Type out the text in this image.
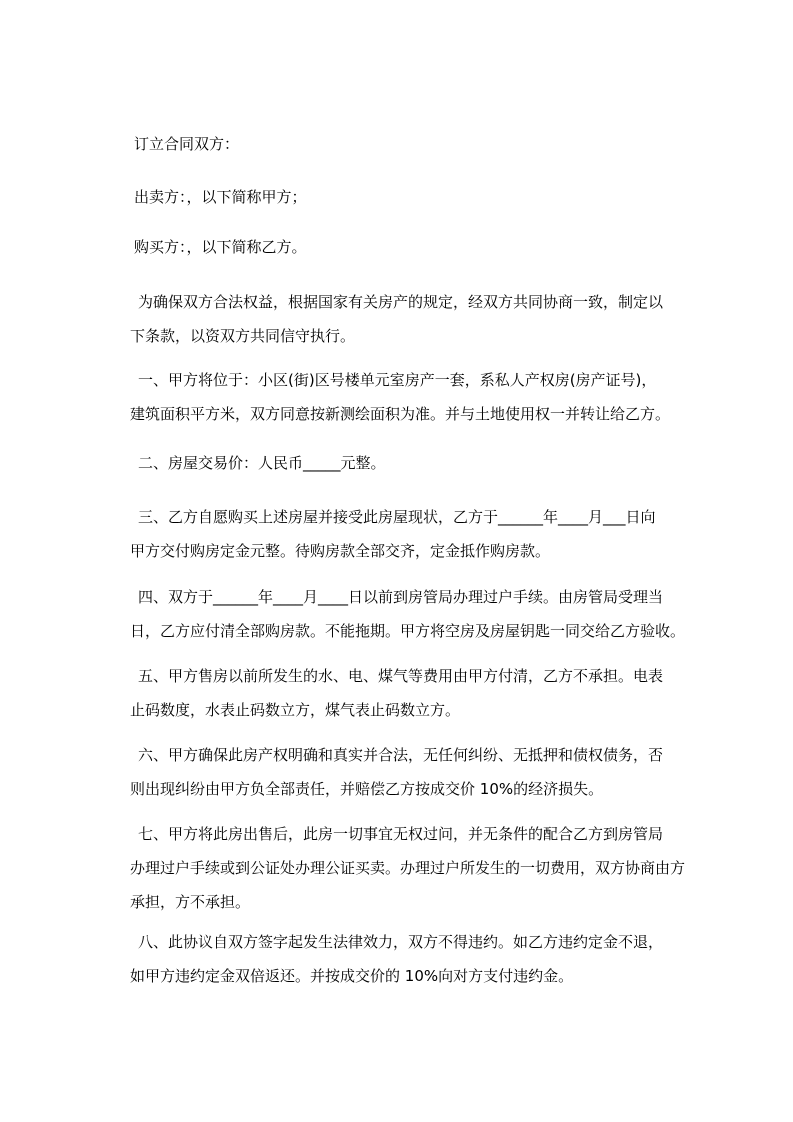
订立合同双方：

出卖方：，以下简称甲方；

购买方：，以下简称乙方。

为确保双方合法权益，根据国家有关房产的规定，经双方共同协商一致，制定以
下条款，以资双方共同信守执行。

一、甲方将位于：小区(街)区号楼单元室房产一套，系私人产权房(房产证号)，
建筑面积平方米，双方同意按新测绘面积为准。并与土地使用权一并转让给乙方。

二、房屋交易价：人民币_____元整。

三、乙方自愿购买上述房屋并接受此房屋现状，乙方于______年____月___日向
甲方交付购房定金元整。待购房款全部交齐，定金抵作购房款。

四、双方于______年____月____日以前到房管局办理过户手续。由房管局受理当
日，乙方应付清全部购房款。不能拖期。甲方将空房及房屋钥匙一同交给乙方验收。

五、甲方售房以前所发生的水、电、煤气等费用由甲方付清，乙方不承担。电表
止码数度，水表止码数立方，煤气表止码数立方。

六、甲方确保此房产权明确和真实并合法，无任何纠纷、无抵押和债权债务，否
则出现纠纷由甲方负全部责任，并赔偿乙方按成交价 10%的经济损失。

七、甲方将此房出售后，此房一切事宜无权过问，并无条件的配合乙方到房管局
办理过户手续或到公证处办理公证买卖。办理过户所发生的一切费用，双方协商由方
承担，方不承担。

八、此协议自双方签字起发生法律效力，双方不得违约。如乙方违约定金不退，
如甲方违约定金双倍返还。并按成交价的 10%向对方支付违约金。
